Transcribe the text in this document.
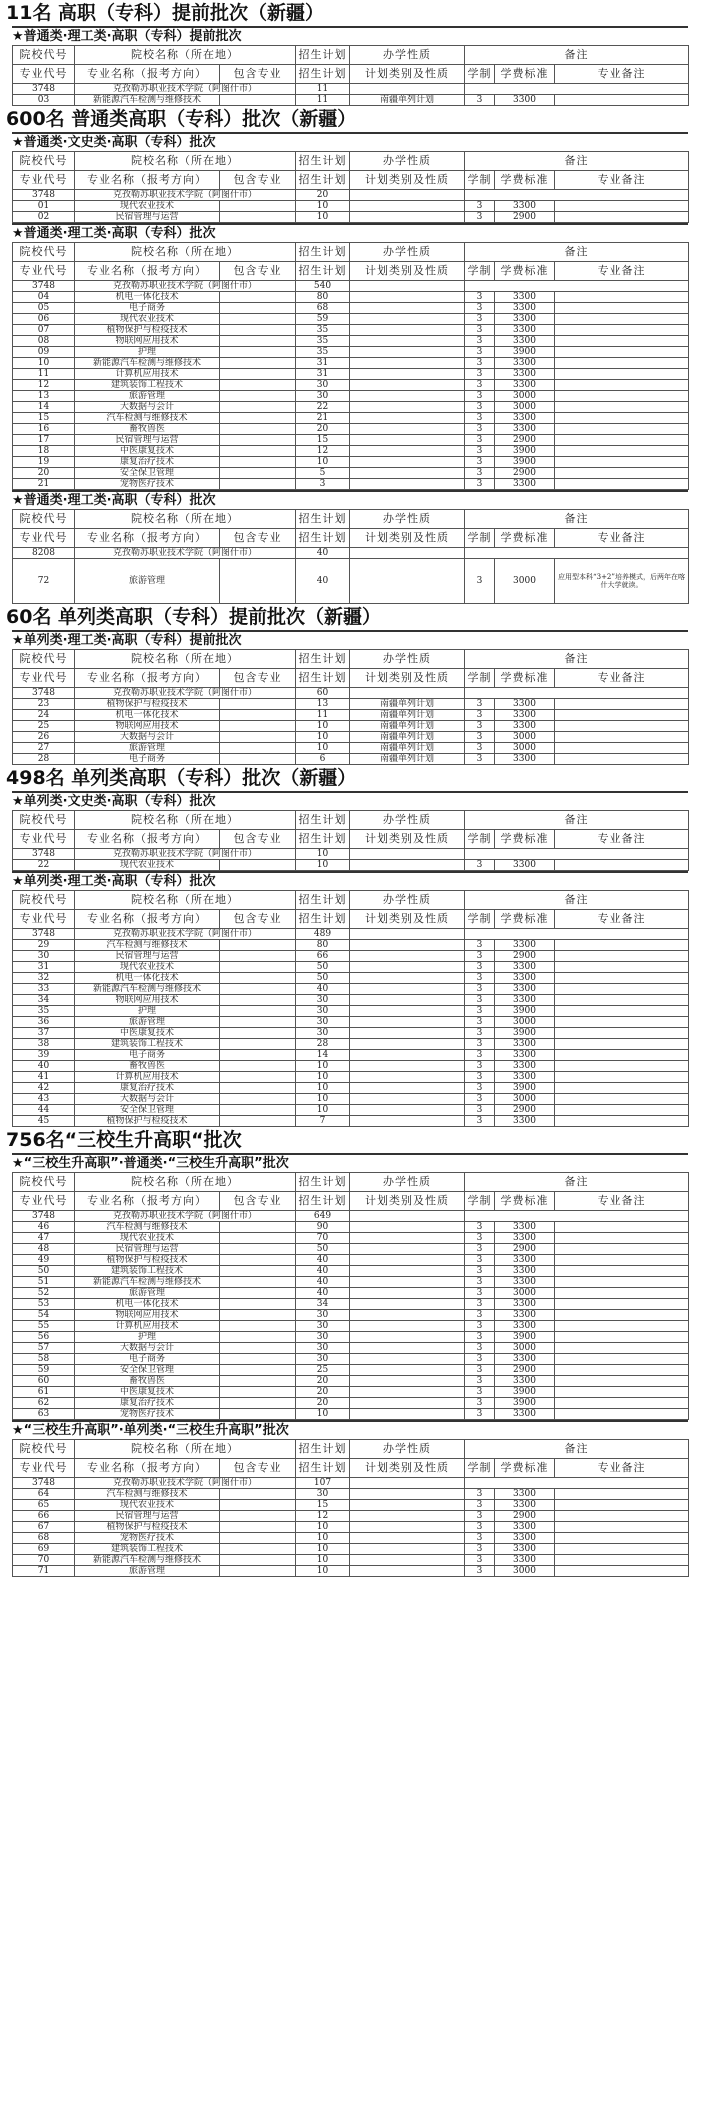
11名 高职（专科）提前批次（新疆）
★普通类·理工类·高职（专科）提前批次
院校代号	院校名称（所在地）		招生计划	办学性质	备注		
专业代号	专业名称（报考方向）	包含专业	招生计划	计划类别及性质	学制	学费标准	专业备注
3748	克孜勒苏职业技术学院（阿图什市）		11				
03	新能源汽车检测与维修技术		11	南疆单列计划	3	3300	
600名 普通类高职（专科）批次（新疆）
★普通类·文史类·高职（专科）批次
院校代号	院校名称（所在地）		招生计划	办学性质	备注		
专业代号	专业名称（报考方向）	包含专业	招生计划	计划类别及性质	学制	学费标准	专业备注
3748	克孜勒苏职业技术学院（阿图什市）		20				
01	现代农业技术		10		3	3300	
02	民宿管理与运营		10		3	2900	
★普通类·理工类·高职（专科）批次
院校代号	院校名称（所在地）		招生计划	办学性质	备注		
专业代号	专业名称（报考方向）	包含专业	招生计划	计划类别及性质	学制	学费标准	专业备注
3748	克孜勒苏职业技术学院（阿图什市）		540				
04	机电一体化技术		80		3	3300	
05	电子商务		68		3	3300	
06	现代农业技术		59		3	3300	
07	植物保护与检疫技术		35		3	3300	
08	物联网应用技术		35		3	3300	
09	护理		35		3	3900	
10	新能源汽车检测与维修技术		31		3	3300	
11	计算机应用技术		31		3	3300	
12	建筑装饰工程技术		30		3	3300	
13	旅游管理		30		3	3000	
14	大数据与会计		22		3	3000	
15	汽车检测与维修技术		21		3	3300	
16	畜牧兽医		20		3	3300	
17	民宿管理与运营		15		3	2900	
18	中医康复技术		12		3	3900	
19	康复治疗技术		10		3	3900	
20	安全保卫管理		5		3	2900	
21	宠物医疗技术		3		3	3300	
★普通类·理工类·高职（专科）批次
院校代号	院校名称（所在地）		招生计划	办学性质	备注		
专业代号	专业名称（报考方向）	包含专业	招生计划	计划类别及性质	学制	学费标准	专业备注
8208	克孜勒苏职业技术学院（阿图什市）		40				
72	旅游管理		40		3	3000	应用型本科“3+2”培养模式，后两年在喀什大学就读。
60名 单列类高职（专科）提前批次（新疆）
★单列类·理工类·高职（专科）提前批次
院校代号	院校名称（所在地）		招生计划	办学性质	备注		
专业代号	专业名称（报考方向）	包含专业	招生计划	计划类别及性质	学制	学费标准	专业备注
3748	克孜勒苏职业技术学院（阿图什市）		60				
23	植物保护与检疫技术		13	南疆单列计划	3	3300	
24	机电一体化技术		11	南疆单列计划	3	3300	
25	物联网应用技术		10	南疆单列计划	3	3300	
26	大数据与会计		10	南疆单列计划	3	3000	
27	旅游管理		10	南疆单列计划	3	3000	
28	电子商务		6	南疆单列计划	3	3300	
498名 单列类高职（专科）批次（新疆）
★单列类·文史类·高职（专科）批次
院校代号	院校名称（所在地）		招生计划	办学性质	备注		
专业代号	专业名称（报考方向）	包含专业	招生计划	计划类别及性质	学制	学费标准	专业备注
3748	克孜勒苏职业技术学院（阿图什市）		10				
22	现代农业技术		10		3	3300	
★单列类·理工类·高职（专科）批次
院校代号	院校名称（所在地）		招生计划	办学性质	备注		
专业代号	专业名称（报考方向）	包含专业	招生计划	计划类别及性质	学制	学费标准	专业备注
3748	克孜勒苏职业技术学院（阿图什市）		489				
29	汽车检测与维修技术		80		3	3300	
30	民宿管理与运营		66		3	2900	
31	现代农业技术		50		3	3300	
32	机电一体化技术		50		3	3300	
33	新能源汽车检测与维修技术		40		3	3300	
34	物联网应用技术		30		3	3300	
35	护理		30		3	3900	
36	旅游管理		30		3	3000	
37	中医康复技术		30		3	3900	
38	建筑装饰工程技术		28		3	3300	
39	电子商务		14		3	3300	
40	畜牧兽医		10		3	3300	
41	计算机应用技术		10		3	3300	
42	康复治疗技术		10		3	3900	
43	大数据与会计		10		3	3000	
44	安全保卫管理		10		3	2900	
45	植物保护与检疫技术		7		3	3300	
756名“三校生升高职“批次
★“三校生升高职”·普通类·“三校生升高职”批次
院校代号	院校名称（所在地）		招生计划	办学性质	备注		
专业代号	专业名称（报考方向）	包含专业	招生计划	计划类别及性质	学制	学费标准	专业备注
3748	克孜勒苏职业技术学院（阿图什市）		649				
46	汽车检测与维修技术		90		3	3300	
47	现代农业技术		70		3	3300	
48	民宿管理与运营		50		3	2900	
49	植物保护与检疫技术		40		3	3300	
50	建筑装饰工程技术		40		3	3300	
51	新能源汽车检测与维修技术		40		3	3300	
52	旅游管理		40		3	3000	
53	机电一体化技术		34		3	3300	
54	物联网应用技术		30		3	3300	
55	计算机应用技术		30		3	3300	
56	护理		30		3	3900	
57	大数据与会计		30		3	3000	
58	电子商务		30		3	3300	
59	安全保卫管理		25		3	2900	
60	畜牧兽医		20		3	3300	
61	中医康复技术		20		3	3900	
62	康复治疗技术		20		3	3900	
63	宠物医疗技术		10		3	3300	
★“三校生升高职”·单列类·“三校生升高职”批次
院校代号	院校名称（所在地）		招生计划	办学性质	备注		
专业代号	专业名称（报考方向）	包含专业	招生计划	计划类别及性质	学制	学费标准	专业备注
3748	克孜勒苏职业技术学院（阿图什市）		107				
64	汽车检测与维修技术		30		3	3300	
65	现代农业技术		15		3	3300	
66	民宿管理与运营		12		3	2900	
67	植物保护与检疫技术		10		3	3300	
68	宠物医疗技术		10		3	3300	
69	建筑装饰工程技术		10		3	3300	
70	新能源汽车检测与维修技术		10		3	3300	
71	旅游管理		10		3	3000	
